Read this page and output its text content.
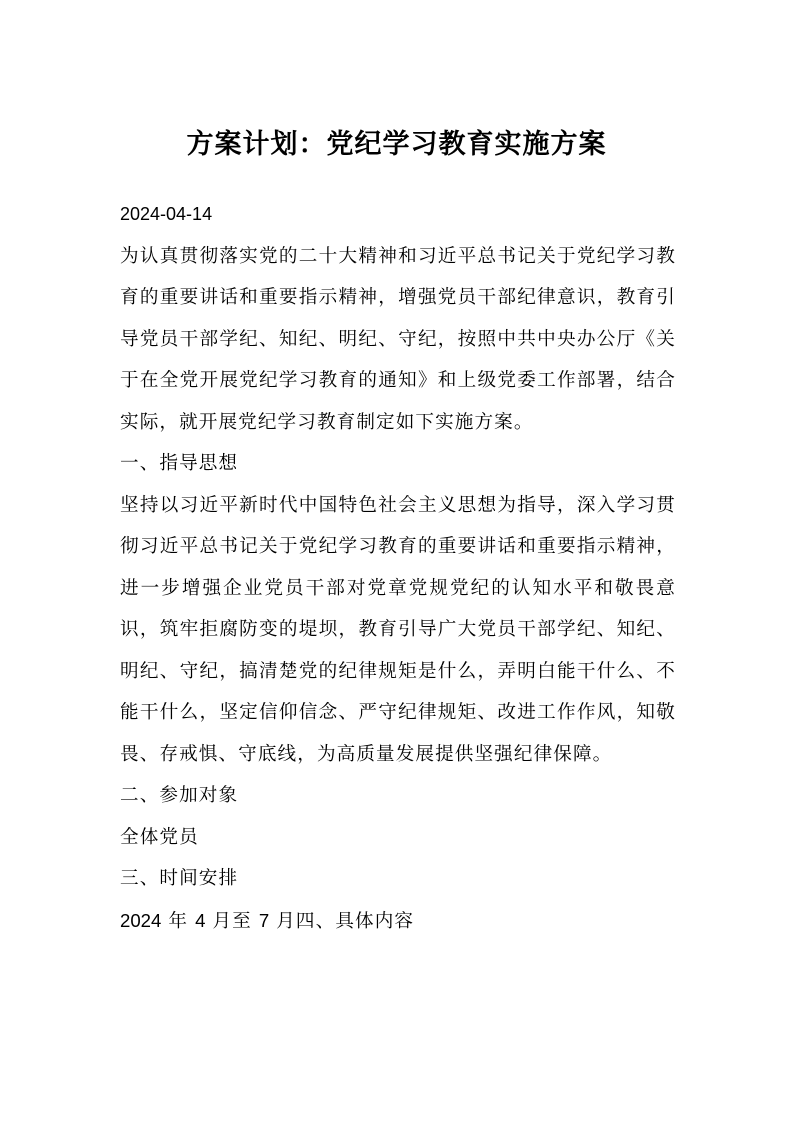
方案计划：党纪学习教育实施方案

2024-04-14

为认真贯彻落实党的二十大精神和习近平总书记关于党纪学习教育的重要讲话和重要指示精神，增强党员干部纪律意识，教育引导党员干部学纪、知纪、明纪、守纪，按照中共中央办公厅《关于在全党开展党纪学习教育的通知》和上级党委工作部署，结合实际，就开展党纪学习教育制定如下实施方案。

一、指导思想

坚持以习近平新时代中国特色社会主义思想为指导，深入学习贯彻习近平总书记关于党纪学习教育的重要讲话和重要指示精神，进一步增强企业党员干部对党章党规党纪的认知水平和敬畏意识，筑牢拒腐防变的堤坝，教育引导广大党员干部学纪、知纪、明纪、守纪，搞清楚党的纪律规矩是什么，弄明白能干什么、不能干什么，坚定信仰信念、严守纪律规矩、改进工作作风，知敬畏、存戒惧、守底线，为高质量发展提供坚强纪律保障。

二、参加对象

全体党员

三、时间安排

2024 年 4 月至 7 月四、具体内容
